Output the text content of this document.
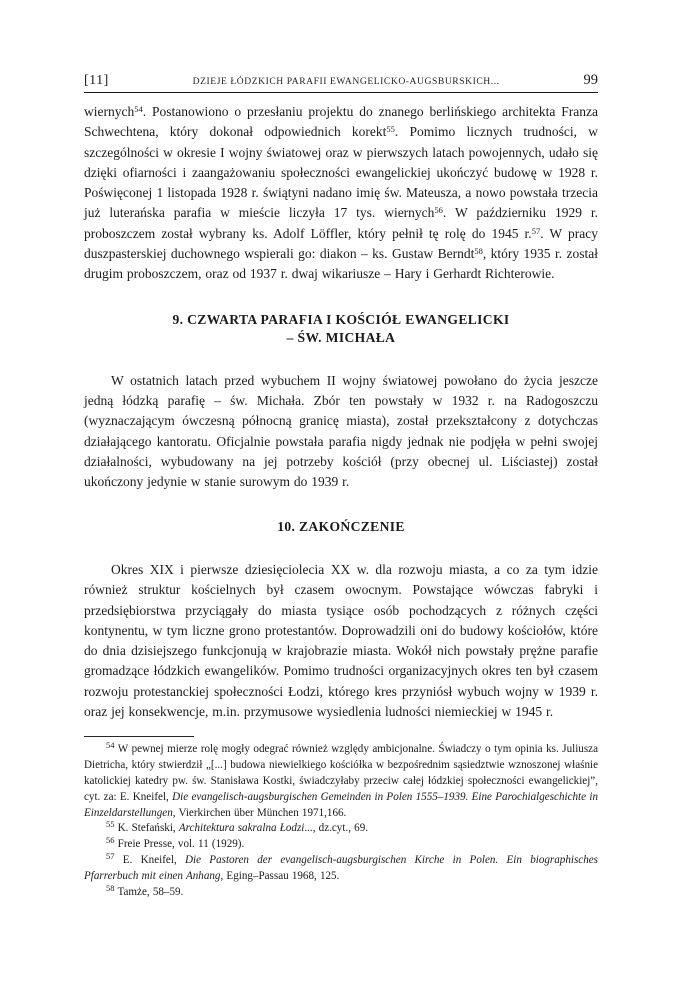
[11]	DZIEJE ŁÓDZKICH PARAFII EWANGELICKO-AUGSBURSKICH...	99

wiernych$^{54}$. Postanowiono o przesłaniu projektu do znanego berlińskiego architekta Franza Schwechtena, który dokonał odpowiednich korekt$^{55}$. Pomimo licznych trudności, w szczególności w okresie I wojny światowej oraz w pierwszych latach powojennych, udało się dzięki ofiarności i zaangażowaniu społeczności ewangelickiej ukończyć budowę w 1928 r. Poświęconej 1 listopada 1928 r. świątyni nadano imię św. Mateusza, a nowo powstała trzecia już luterańska parafia w mieście liczyła 17 tys. wiernych$^{56}$. W październiku 1929 r. proboszczem został wybrany ks. Adolf Löffler, który pełnił tę rolę do 1945 r.$^{57}$. W pracy duszpasterskiej duchownego wspierali go: diakon – ks. Gustaw Berndt$^{58}$, który 1935 r. został drugim proboszczem, oraz od 1937 r. dwaj wikariusze – Hary i Gerhardt Richterowie.

9. CZWARTA PARAFIA I KOŚCIÓŁ EWANGELICKI
– ŚW. MICHAŁA

W ostatnich latach przed wybuchem II wojny światowej powołano do życia jeszcze jedną łódzką parafię – św. Michała. Zbór ten powstały w 1932 r. na Radogoszczu (wyznaczającym ówczesną północną granicę miasta), został przekształcony z dotychczas działającego kantoratu. Oficjalnie powstała parafia nigdy jednak nie podjęła w pełni swojej działalności, wybudowany na jej potrzeby kościół (przy obecnej ul. Liściastej) został ukończony jedynie w stanie surowym do 1939 r.

10. ZAKOŃCZENIE

Okres XIX i pierwsze dziesięciolecia XX w. dla rozwoju miasta, a co za tym idzie również struktur kościelnych był czasem owocnym. Powstające wówczas fabryki i przedsiębiorstwa przyciągały do miasta tysiące osób pochodzących z różnych części kontynentu, w tym liczne grono protestantów. Doprowadzili oni do budowy kościołów, które do dnia dzisiejszego funkcjonują w krajobrazie miasta. Wokół nich powstały prężne parafie gromadzące łódzkich ewangelików. Pomimo trudności organizacyjnych okres ten był czasem rozwoju protestanckiej społeczności Łodzi, którego kres przyniósł wybuch wojny w 1939 r. oraz jej konsekwencje, m.in. przymusowe wysiedlenia ludności niemieckiej w 1945 r.

$^{54}$ W pewnej mierze rolę mogły odegrać również względy ambicjonalne. Świadczy o tym opinia ks. Juliusza Dietricha, który stwierdził „[...] budowa niewielkiego kościółka w bezpośrednim sąsiedztwie wznoszonej właśnie katolickiej katedry pw. św. Stanisława Kostki, świadczyłaby przeciw całej łódzkiej społeczności ewangelickiej”, cyt. za: E. Kneifel, Die evangelisch-augsburgischen Gemeinden in Polen 1555–1939. Eine Parochialgeschichte in Einzeldarstellungen, Vierkirchen über München 1971,166.

$^{55}$ K. Stefański, Architektura sakralna Łodzi..., dz.cyt., 69.

$^{56}$ Freie Presse, vol. 11 (1929).

$^{57}$ E. Kneifel, Die Pastoren der evangelisch-augsburgischen Kirche in Polen. Ein biographisches Pfarrerbuch mit einen Anhang, Eging–Passau 1968, 125.

$^{58}$ Tamże, 58–59.
